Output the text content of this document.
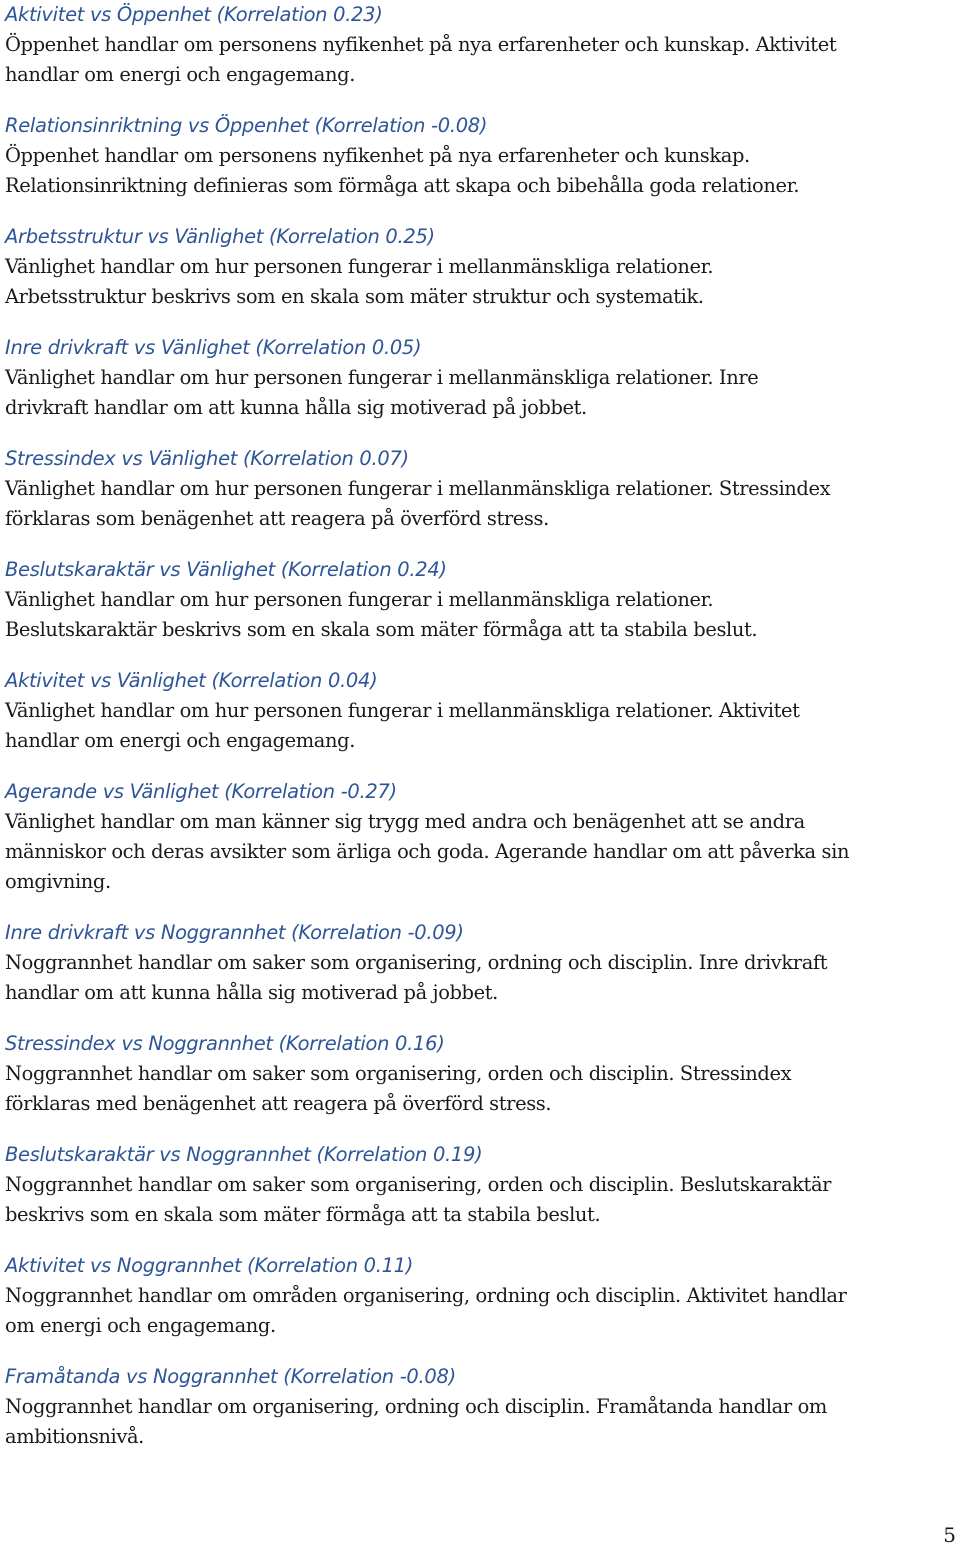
Aktivitet vs Öppenhet (Korrelation 0.23)
Öppenhet handlar om personens nyfikenhet på nya erfarenheter och kunskap. Aktivitet
handlar om energi och engagemang.

Relationsinriktning vs Öppenhet (Korrelation -0.08)
Öppenhet handlar om personens nyfikenhet på nya erfarenheter och kunskap.
Relationsinriktning definieras som förmåga att skapa och bibehålla goda relationer.

Arbetsstruktur vs Vänlighet (Korrelation 0.25)
Vänlighet handlar om hur personen fungerar i mellanmänskliga relationer.
Arbetsstruktur beskrivs som en skala som mäter struktur och systematik.

Inre drivkraft vs Vänlighet (Korrelation 0.05)
Vänlighet handlar om hur personen fungerar i mellanmänskliga relationer. Inre
drivkraft handlar om att kunna hålla sig motiverad på jobbet.

Stressindex vs Vänlighet (Korrelation 0.07)
Vänlighet handlar om hur personen fungerar i mellanmänskliga relationer. Stressindex
förklaras som benägenhet att reagera på överförd stress.

Beslutskaraktär vs Vänlighet (Korrelation 0.24)
Vänlighet handlar om hur personen fungerar i mellanmänskliga relationer.
Beslutskaraktär beskrivs som en skala som mäter förmåga att ta stabila beslut.

Aktivitet vs Vänlighet (Korrelation 0.04)
Vänlighet handlar om hur personen fungerar i mellanmänskliga relationer. Aktivitet
handlar om energi och engagemang.

Agerande vs Vänlighet (Korrelation -0.27)
Vänlighet handlar om man känner sig trygg med andra och benägenhet att se andra
människor och deras avsikter som ärliga och goda. Agerande handlar om att påverka sin
omgivning.

Inre drivkraft vs Noggrannhet (Korrelation -0.09)
Noggrannhet handlar om saker som organisering, ordning och disciplin. Inre drivkraft
handlar om att kunna hålla sig motiverad på jobbet.

Stressindex vs Noggrannhet (Korrelation 0.16)
Noggrannhet handlar om saker som organisering, orden och disciplin. Stressindex
förklaras med benägenhet att reagera på överförd stress.

Beslutskaraktär vs Noggrannhet (Korrelation 0.19)
Noggrannhet handlar om saker som organisering, orden och disciplin. Beslutskaraktär
beskrivs som en skala som mäter förmåga att ta stabila beslut.

Aktivitet vs Noggrannhet (Korrelation 0.11)
Noggrannhet handlar om områden organisering, ordning och disciplin. Aktivitet handlar
om energi och engagemang.

Framåtanda vs Noggrannhet (Korrelation -0.08)
Noggrannhet handlar om organisering, ordning och disciplin. Framåtanda handlar om
ambitionsnivå.

5
